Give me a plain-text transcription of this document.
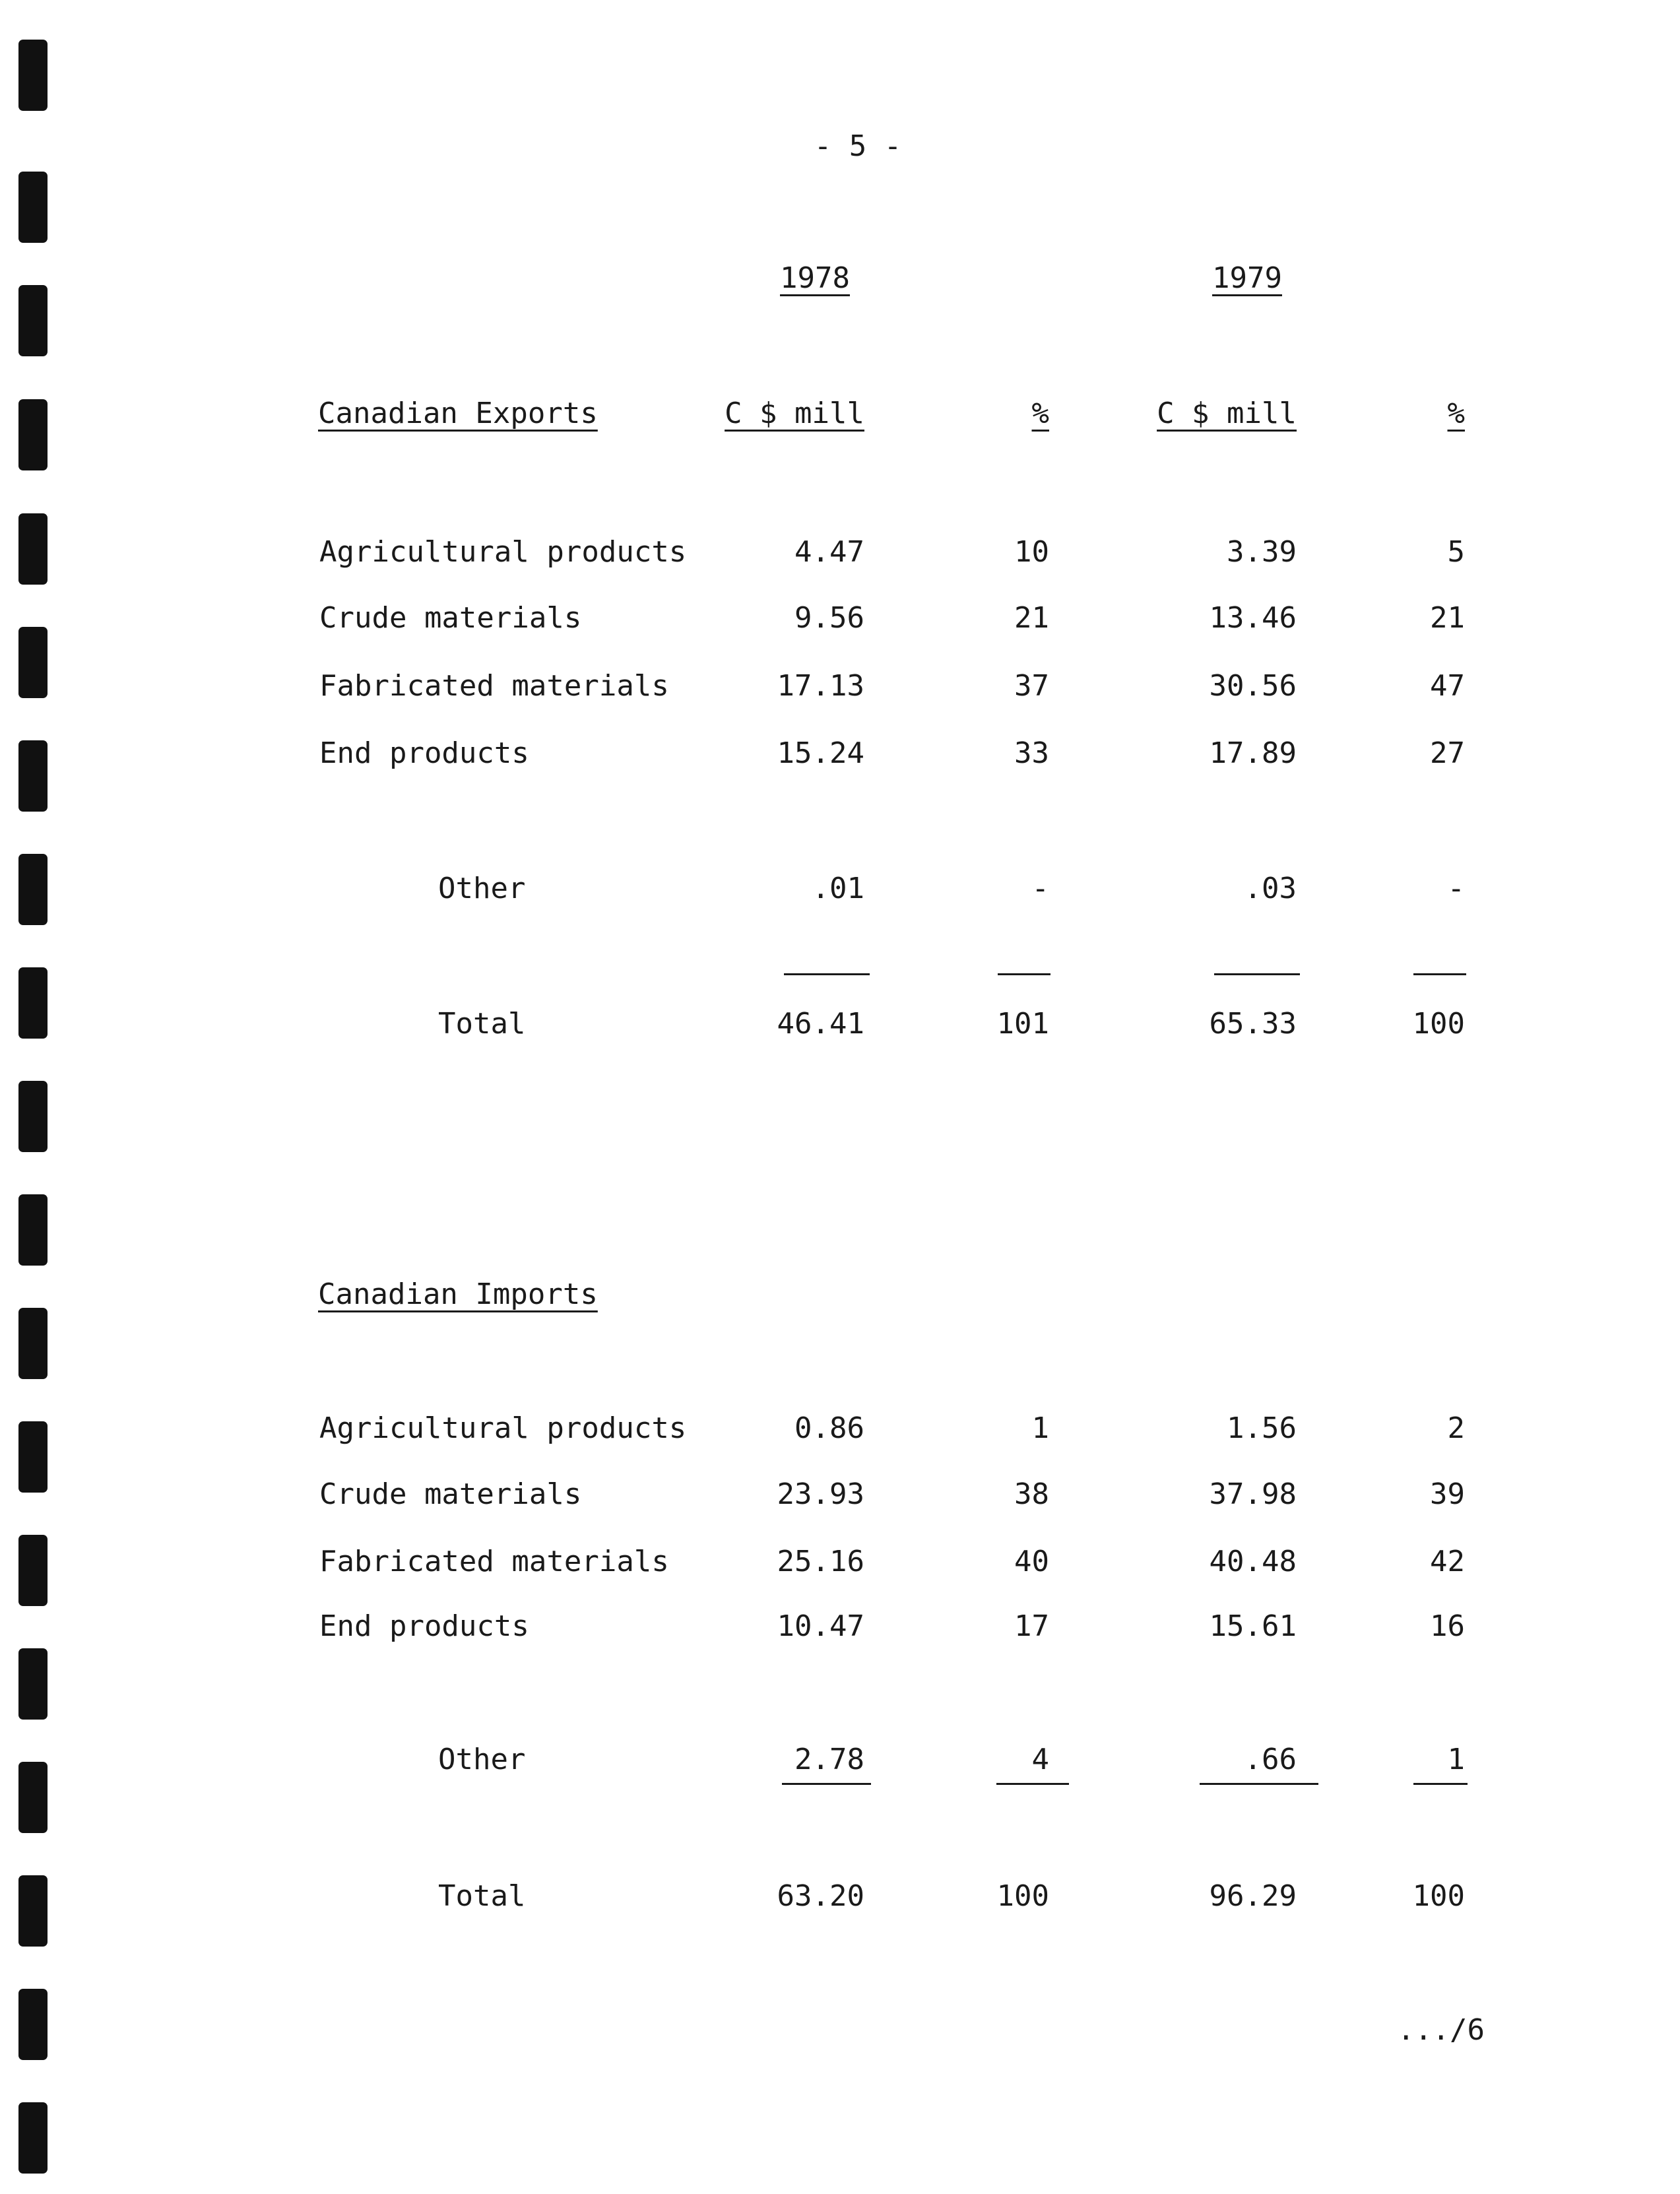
- 5 -
1978	1979
Canadian Exports	C $ mill	%	C $ mill	%
Agricultural products	4.47	10	3.39	5
Crude materials	9.56	21	13.46	21
Fabricated materials	17.13	37	30.56	47
End products	15.24	33	17.89	27
Other	.01	-	.03	-
Total	46.41	101	65.33	100
Canadian Imports
Agricultural products	0.86	1	1.56	2
Crude materials	23.93	38	37.98	39
Fabricated materials	25.16	40	40.48	42
End products	10.47	17	15.61	16
Other	2.78	4	.66	1
Total	63.20	100	96.29	100
.../6
